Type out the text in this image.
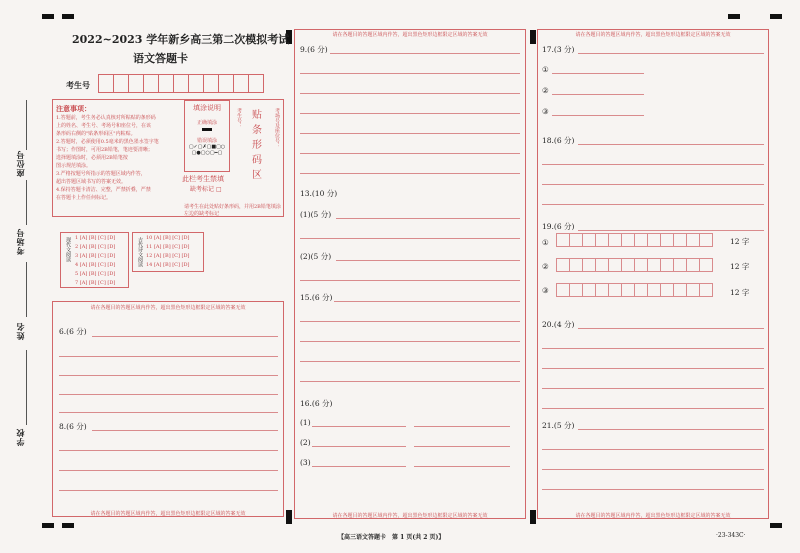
座位号
考场号
姓名
学校
2022~2023 学年新乡高三第二次模拟考试
语文答题卡
考生号
注意事项：
1.答题前，考生务必认真核对所粘贴的条形码
上的姓名、考生号、考场号和座位号，在该
条形码右侧的"贴条形码区"内粘贴。
2.答题时，必须使用0.5毫米的黑色墨水签字笔
书写；作图时，可用2B铅笔，笔迹要清晰；
选择题填涂时，必须用2B铅笔按
图示规范填涂。
3.严格按题号所指示的答题区域内作答，
超出答题区域书写的答案无效。
4.保持答题卡清洁、完整，严禁折叠，严禁
在答题卡上作任何标记。
填涂说明
正确填涂
错误填涂
▢✓▢✗▢■▢○
▢●▢○▢━▢
此栏考生禁填
缺考标记 □
贴条形码区
考生号：	考场号及座位号：
请考生在此处贴好条形码，并用2B铅笔填涂左边的缺考标记
现代文阅读 1 [A] [B] [C] [D]
2 [A] [B] [C] [D]
3 [A] [B] [C] [D]
4 [A] [B] [C] [D]
5 [A] [B] [C] [D]
7 [A] [B] [C] [D]
古代诗文阅读 10 [A] [B] [C] [D]
11 [A] [B] [C] [D]
12 [A] [B] [C] [D]
14 [A] [B] [C] [D]
请在各题目的答题区域内作答，超出黑色矩形边框限定区域的答案无效
请在各题目的答题区域内作答，超出黑色矩形边框限定区域的答案无效
6.(6 分)
8.(6 分)
请在各题目的答题区域内作答，超出黑色矩形边框限定区域的答案无效
请在各题目的答题区域内作答，超出黑色矩形边框限定区域的答案无效
9.(6 分)
13.(10 分)
(1)(5 分)
(2)(5 分)
15.(6 分)
16.(6 分)
(1)
(2)
(3)
请在各题目的答题区域内作答，超出黑色矩形边框限定区域的答案无效
请在各题目的答题区域内作答，超出黑色矩形边框限定区域的答案无效
17.(3 分)
①
②
③
18.(6 分)
19.(6 分)
①	12 字
②	12 字
③	12 字
20.(4 分)
21.(5 分)
【高三语文答题卡　第 1 页(共 2 页)】	·23-343C·
